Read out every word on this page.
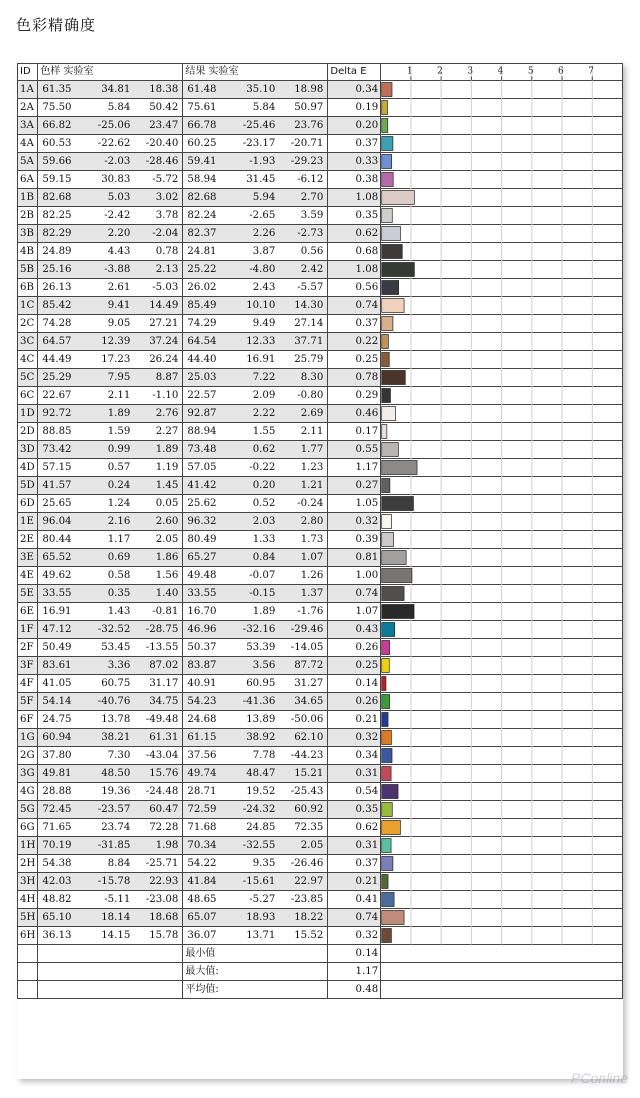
色彩精确度
ID	色样 实验室	结果 实验室	Delta E	
1A	61.35 34.81 18.38	61.48 35.10 18.98	0.34	
2A	75.50 5.84 50.42	75.61 5.84 50.97	0.19	
3A	66.82 -25.06 23.47	66.78 -25.46 23.76	0.20	
4A	60.53 -22.62 -20.40	60.25 -23.17 -20.71	0.37	
5A	59.66 -2.03 -28.46	59.41 -1.93 -29.23	0.33	
6A	59.15 30.83 -5.72	58.94 31.45 -6.12	0.38	
1B	82.68 5.03 3.02	82.68 5.94 2.70	1.08	
2B	82.25 -2.42 3.78	82.24 -2.65 3.59	0.35	
3B	82.29 2.20 -2.04	82.37 2.26 -2.73	0.62	
4B	24.89 4.43 0.78	24.81 3.87 0.56	0.68	
5B	25.16 -3.88 2.13	25.22 -4.80 2.42	1.08	
6B	26.13 2.61 -5.03	26.02 2.43 -5.57	0.56	
1C	85.42 9.41 14.49	85.49 10.10 14.30	0.74	
2C	74.28 9.05 27.21	74.29 9.49 27.14	0.37	
3C	64.57 12.39 37.24	64.54 12.33 37.71	0.22	
4C	44.49 17.23 26.24	44.40 16.91 25.79	0.25	
5C	25.29 7.95 8.87	25.03 7.22 8.30	0.78	
6C	22.67 2.11 -1.10	22.57 2.09 -0.80	0.29	
1D	92.72 1.89 2.76	92.87 2.22 2.69	0.46	
2D	88.85 1.59 2.27	88.94 1.55 2.11	0.17	
3D	73.42 0.99 1.89	73.48 0.62 1.77	0.55	
4D	57.15 0.57 1.19	57.05 -0.22 1.23	1.17	
5D	41.57 0.24 1.45	41.42 0.20 1.21	0.27	
6D	25.65 1.24 0.05	25.62 0.52 -0.24	1.05	
1E	96.04 2.16 2.60	96.32 2.03 2.80	0.32	
2E	80.44 1.17 2.05	80.49 1.33 1.73	0.39	
3E	65.52 0.69 1.86	65.27 0.84 1.07	0.81	
4E	49.62 0.58 1.56	49.48 -0.07 1.26	1.00	
5E	33.55 0.35 1.40	33.55 -0.15 1.37	0.74	
6E	16.91 1.43 -0.81	16.70 1.89 -1.76	1.07	
1F	47.12 -32.52 -28.75	46.96 -32.16 -29.46	0.43	
2F	50.49 53.45 -13.55	50.37 53.39 -14.05	0.26	
3F	83.61 3.36 87.02	83.87 3.56 87.72	0.25	
4F	41.05 60.75 31.17	40.91 60.95 31.27	0.14	
5F	54.14 -40.76 34.75	54.23 -41.36 34.65	0.26	
6F	24.75 13.78 -49.48	24.68 13.89 -50.06	0.21	
1G	60.94 38.21 61.31	61.15 38.92 62.10	0.32	
2G	37.80 7.30 -43.04	37.56 7.78 -44.23	0.34	
3G	49.81 48.50 15.76	49.74 48.47 15.21	0.31	
4G	28.88 19.36 -24.48	28.71 19.52 -25.43	0.54	
5G	72.45 -23.57 60.47	72.59 -24.32 60.92	0.35	
6G	71.65 23.74 72.28	71.68 24.85 72.35	0.62	
1H	70.19 -31.85 1.98	70.34 -32.55 2.05	0.31	
2H	54.38 8.84 -25.71	54.22 9.35 -26.46	0.37	
3H	42.03 -15.78 22.93	41.84 -15.61 22.97	0.21	
4H	48.82 -5.11 -23.08	48.65 -5.27 -23.85	0.41	
5H	65.10 18.14 18.68	65.07 18.93 18.22	0.74	
6H	36.13 14.15 15.78	36.07 13.71 15.52	0.32	
		最小值	0.14	
		最大值:	1.17	
		平均值:	0.48	
1	2	3	4	5	6	7
PConline
